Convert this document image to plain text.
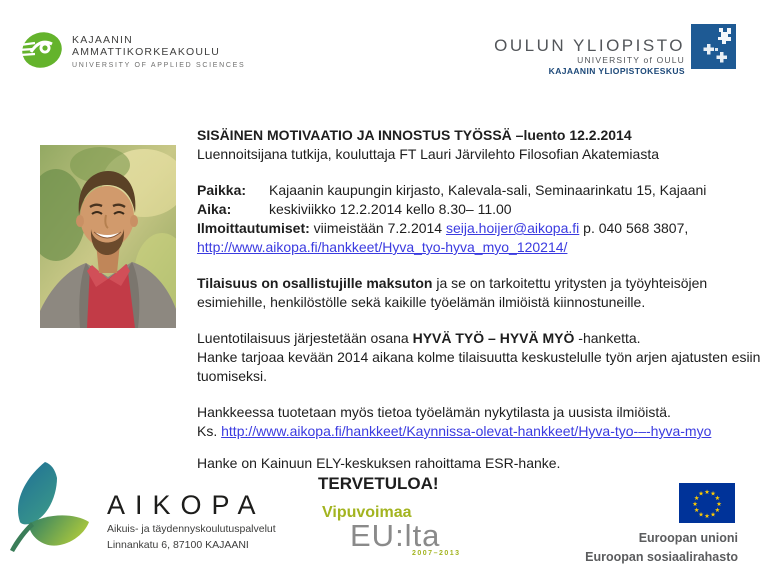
KAJAANIN
AMMATTIKORKEAKOULU
UNIVERSITY OF APPLIED SCIENCES
OULUN YLIOPISTO
UNIVERSITY of OULU
KAJAANIN YLIOPISTOKESKUS

SISÄINEN MOTIVAATIO JA INNOSTUS TYÖSSÄ –luento 12.2.2014

Luennoitsijana tutkija, kouluttaja FT Lauri Järvilehto Filosofian Akatemiasta

Paikka:	Kajaanin kaupungin kirjasto, Kalevala-sali, Seminaarinkatu 15, Kajaani

Aika:	keskiviikko 12.2.2014 kello 8.30– 11.00

Ilmoittautumiset: viimeistään 7.2.2014 seija.hoijer@aikopa.fi p. 040 568 3807,

http://www.aikopa.fi/hankkeet/Hyva_tyo-hyva_myo_120214/

Tilaisuus on osallistujille maksuton ja se on tarkoitettu yritysten ja työyhteisöjen esimiehille, henkilöstölle sekä kaikille työelämän ilmiöistä kiinnostuneille.

Luentotilaisuus järjestetään osana HYVÄ TYÖ – HYVÄ MYÖ -hanketta.

Hanke tarjoaa kevään 2014 aikana kolme tilaisuutta keskustelulle työn arjen ajatusten esiin tuomiseksi.

Hankkeessa tuotetaan myös tietoa työelämän nykytilasta ja uusista ilmiöistä.

Ks. http://www.aikopa.fi/hankkeet/Kaynnissa-olevat-hankkeet/Hyva-tyo-–-hyva-myo

Hanke on Kainuun ELY-keskuksen rahoittama ESR-hanke.

TERVETULOA!

AIKOPA
Aikuis- ja täydennyskoulutuspalvelut
Linnankatu 6, 87100 KAJAANI
Vipuvoimaa
EU:lta
2007–2013
★ ★
★
★
★
★
★
★
★
★
★
★
Euroopan unioni
Euroopan sosiaalirahasto
